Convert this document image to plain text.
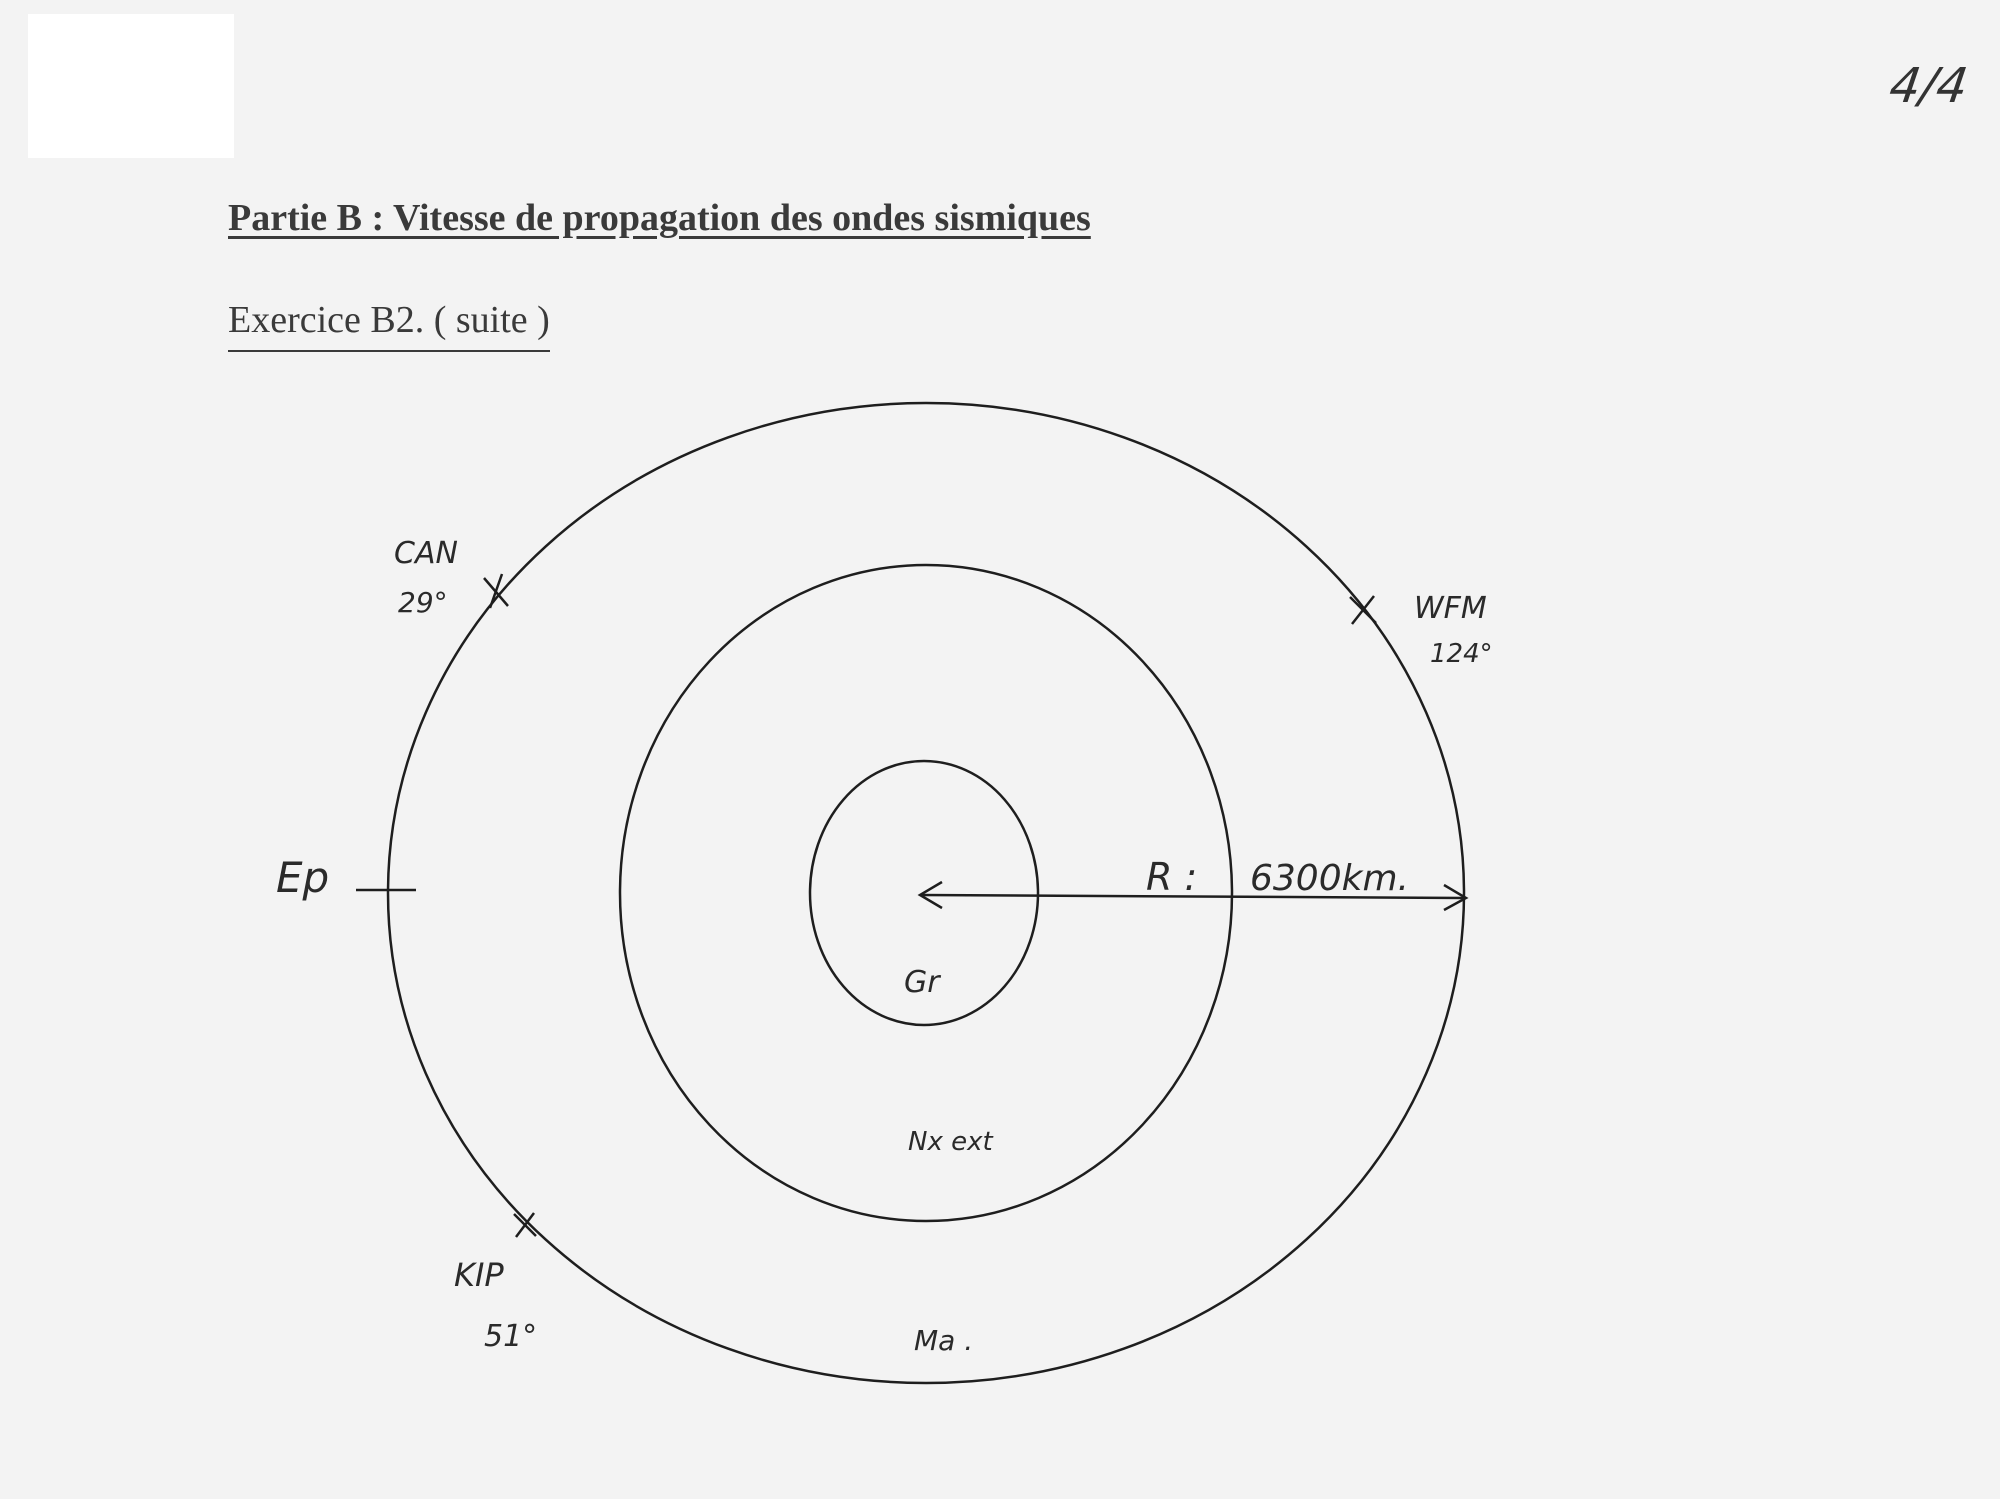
4/4
Partie B : Vitesse de propagation des ondes sismiques
Exercice B2. ( suite )
CAN
29°	WFM
124°
KIP
51°
Ep	R : 6300km.
Gr
Nx ext
Ma .
